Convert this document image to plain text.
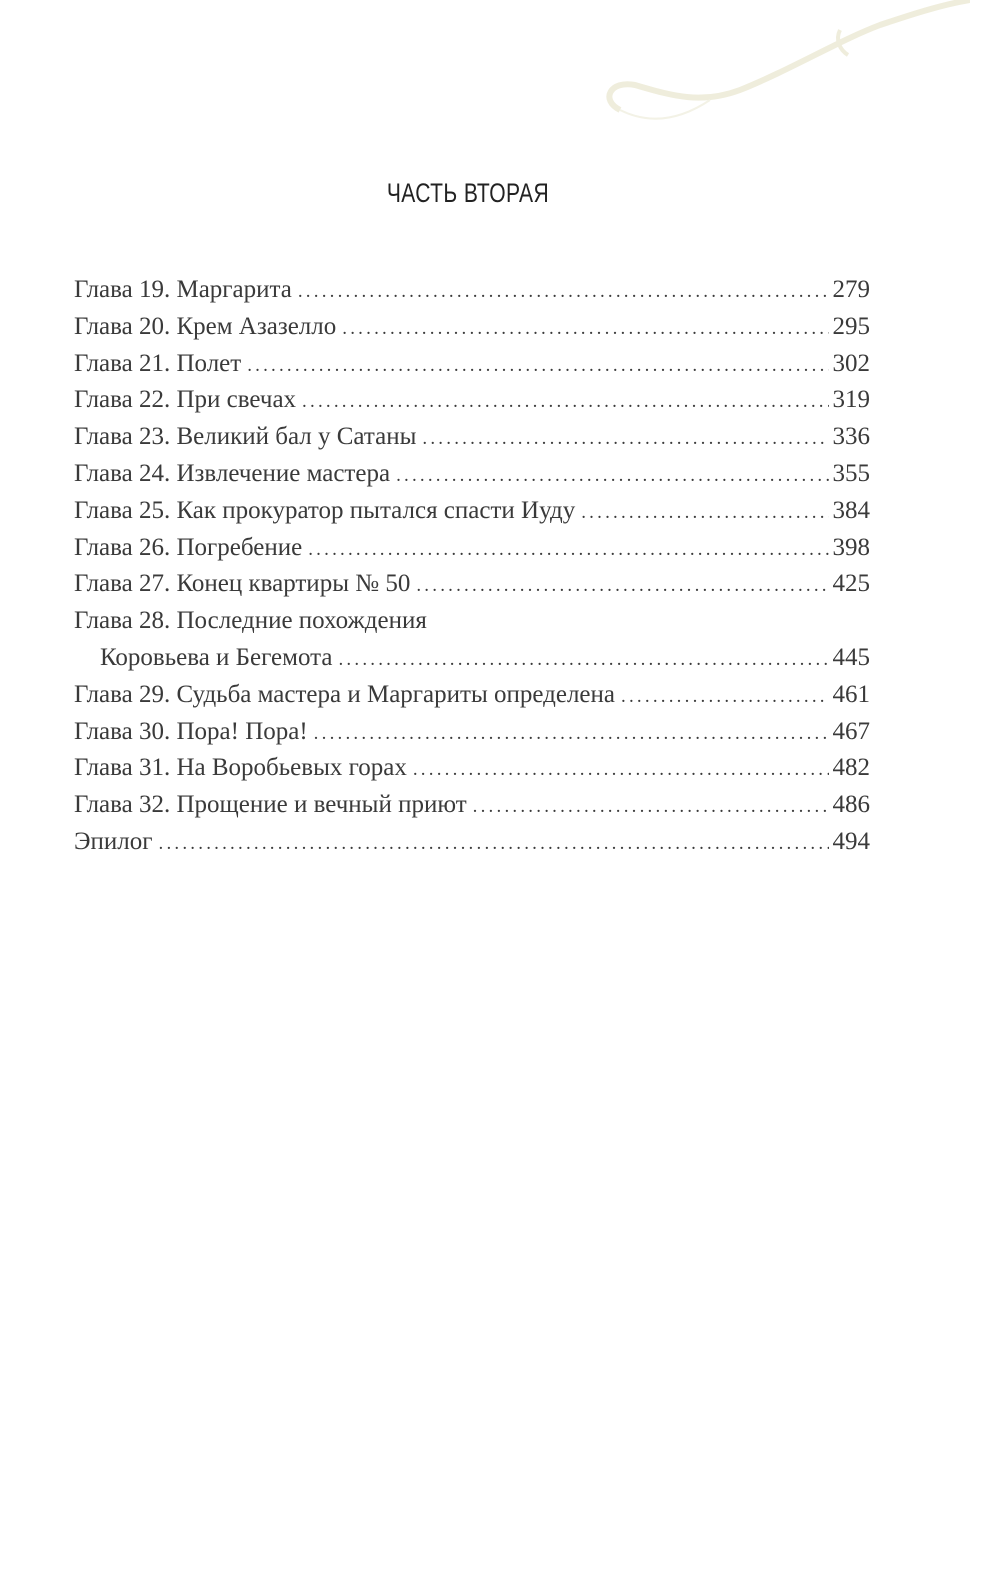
ЧАСТЬ ВТОРАЯ
Глава 19. Маргарита .....	279
Глава 20. Крем Азазелло .....	295
Глава 21. Полет .....	302
Глава 22. При свечах .....	319
Глава 23. Великий бал у Сатаны .....	336
Глава 24. Извлечение мастера .....	355
Глава 25. Как прокуратор пытался спасти Иуду .....	384
Глава 26. Погребение .....	398
Глава 27. Конец квартиры № 50 .....	425
Глава 28. Последние похождения
Коровьева и Бегемота .....	445
Глава 29. Судьба мастера и Маргариты определена .....	461
Глава 30. Пора! Пора! .....	467
Глава 31. На Воробьевых горах .....	482
Глава 32. Прощение и вечный приют .....	486
Эпилог .....	494
